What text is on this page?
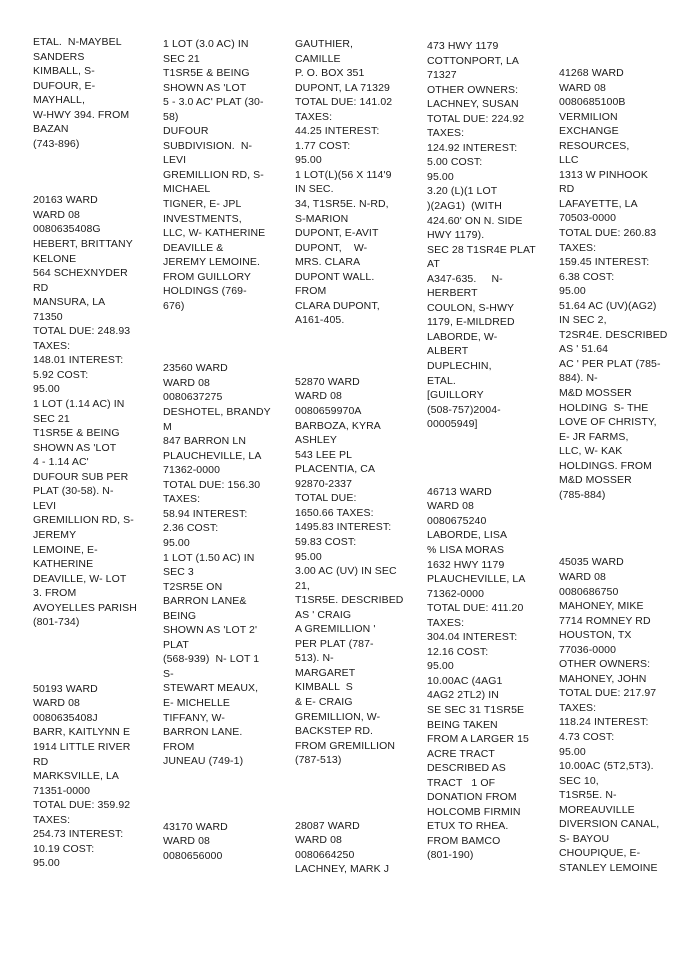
ETAL.  N-MAYBEL
SANDERS
KIMBALL, S-
DUFOUR, E-
MAYHALL,
W-HWY 394. FROM
BAZAN
(743-896)
20163 WARD
WARD 08
0080635408G
HEBERT, BRITTANY
KELONE
564 SCHEXNYDER
RD
MANSURA, LA
71350
TOTAL DUE: 248.93
TAXES:
148.01 INTEREST:
5.92 COST:
95.00
1 LOT (1.14 AC) IN
SEC 21
T1SR5E & BEING
SHOWN AS 'LOT
4 - 1.14 AC'
DUFOUR SUB PER
PLAT (30-58). N-
LEVI
GREMILLION RD, S-
JEREMY
LEMOINE, E-
KATHERINE
DEAVILLE, W- LOT
3. FROM
AVOYELLES PARISH
(801-734)
50193 WARD
WARD 08
0080635408J
BARR, KAITLYNN E
1914 LITTLE RIVER
RD
MARKSVILLE, LA
71351-0000
TOTAL DUE: 359.92
TAXES:
254.73 INTEREST:
10.19 COST:
95.00
1 LOT (3.0 AC) IN
SEC 21
T1SR5E & BEING
SHOWN AS 'LOT
5 - 3.0 AC' PLAT (30-
58)
DUFOUR
SUBDIVISION.  N-
LEVI
GREMILLION RD, S-
MICHAEL
TIGNER, E- JPL
INVESTMENTS,
LLC, W- KATHERINE
DEAVILLE &
JEREMY LEMOINE.
FROM GUILLORY
HOLDINGS (769-
676)
23560 WARD
WARD 08
0080637275
DESHOTEL, BRANDY
M
847 BARRON LN
PLAUCHEVILLE, LA
71362-0000
TOTAL DUE: 156.30
TAXES:
58.94 INTEREST:
2.36 COST:
95.00
1 LOT (1.50 AC) IN
SEC 3
T2SR5E ON
BARRON LANE&
BEING
SHOWN AS 'LOT 2'
PLAT
(568-939)  N- LOT 1
S-
STEWART MEAUX,
E- MICHELLE
TIFFANY, W-
BARRON LANE.
FROM
JUNEAU (749-1)
43170 WARD
WARD 08
0080656000
GAUTHIER,
CAMILLE
P. O. BOX 351
DUPONT, LA 71329
TOTAL DUE: 141.02
TAXES:
44.25 INTEREST:
1.77 COST:
95.00
1 LOT(L)(56 X 114'9
IN SEC.
34, T1SR5E. N-RD,
S-MARION
DUPONT, E-AVIT
DUPONT,    W-
MRS. CLARA
DUPONT WALL.
FROM
CLARA DUPONT,
A161-405.
52870 WARD
WARD 08
0080659970A
BARBOZA, KYRA
ASHLEY
543 LEE PL
PLACENTIA, CA
92870-2337
TOTAL DUE:
1650.66 TAXES:
1495.83 INTEREST:
59.83 COST:
95.00
3.00 AC (UV) IN SEC
21,
T1SR5E. DESCRIBED
AS ' CRAIG
A GREMILLION '
PER PLAT (787-
513). N-
MARGARET
KIMBALL  S
& E- CRAIG
GREMILLION, W-
BACKSTEP RD.
FROM GREMILLION
(787-513)
28087 WARD
WARD 08
0080664250
LACHNEY, MARK J
473 HWY 1179
COTTONPORT, LA
71327
OTHER OWNERS:
LACHNEY, SUSAN
TOTAL DUE: 224.92
TAXES:
124.92 INTEREST:
5.00 COST:
95.00
3.20 (L)(1 LOT
)(2AG1)  (WITH
424.60' ON N. SIDE
HWY 1179).
SEC 28 T1SR4E PLAT
AT
A347-635.     N-
HERBERT
COULON, S-HWY
1179, E-MILDRED
LABORDE, W-
ALBERT
DUPLECHIN,
ETAL.
[GUILLORY
(508-757)2004-
00005949]
46713 WARD
WARD 08
0080675240
LABORDE, LISA
% LISA MORAS
1632 HWY 1179
PLAUCHEVILLE, LA
71362-0000
TOTAL DUE: 411.20
TAXES:
304.04 INTEREST:
12.16 COST:
95.00
10.00AC (4AG1
4AG2 2TL2) IN
SE SEC 31 T1SR5E
BEING TAKEN
FROM A LARGER 15
ACRE TRACT
DESCRIBED AS
TRACT   1 OF
DONATION FROM
HOLCOMB FIRMIN
ETUX TO RHEA.
FROM BAMCO
(801-190)
41268 WARD
WARD 08
0080685100B
VERMILION
EXCHANGE
RESOURCES,
LLC
1313 W PINHOOK
RD
LAFAYETTE, LA
70503-0000
TOTAL DUE: 260.83
TAXES:
159.45 INTEREST:
6.38 COST:
95.00
51.64 AC (UV)(AG2)
IN SEC 2,
T2SR4E. DESCRIBED
AS ' 51.64
AC ' PER PLAT (785-
884). N-
M&D MOSSER
HOLDING  S- THE
LOVE OF CHRISTY,
E- JR FARMS,
LLC, W- KAK
HOLDINGS. FROM
M&D MOSSER
(785-884)
45035 WARD
WARD 08
0080686750
MAHONEY, MIKE
7714 ROMNEY RD
HOUSTON, TX
77036-0000
OTHER OWNERS:
MAHONEY, JOHN
TOTAL DUE: 217.97
TAXES:
118.24 INTEREST:
4.73 COST:
95.00
10.00AC (5T2,5T3).
SEC 10,
T1SR5E. N-
MOREAUVILLE
DIVERSION CANAL,
S- BAYOU
CHOUPIQUE, E-
STANLEY LEMOINE
